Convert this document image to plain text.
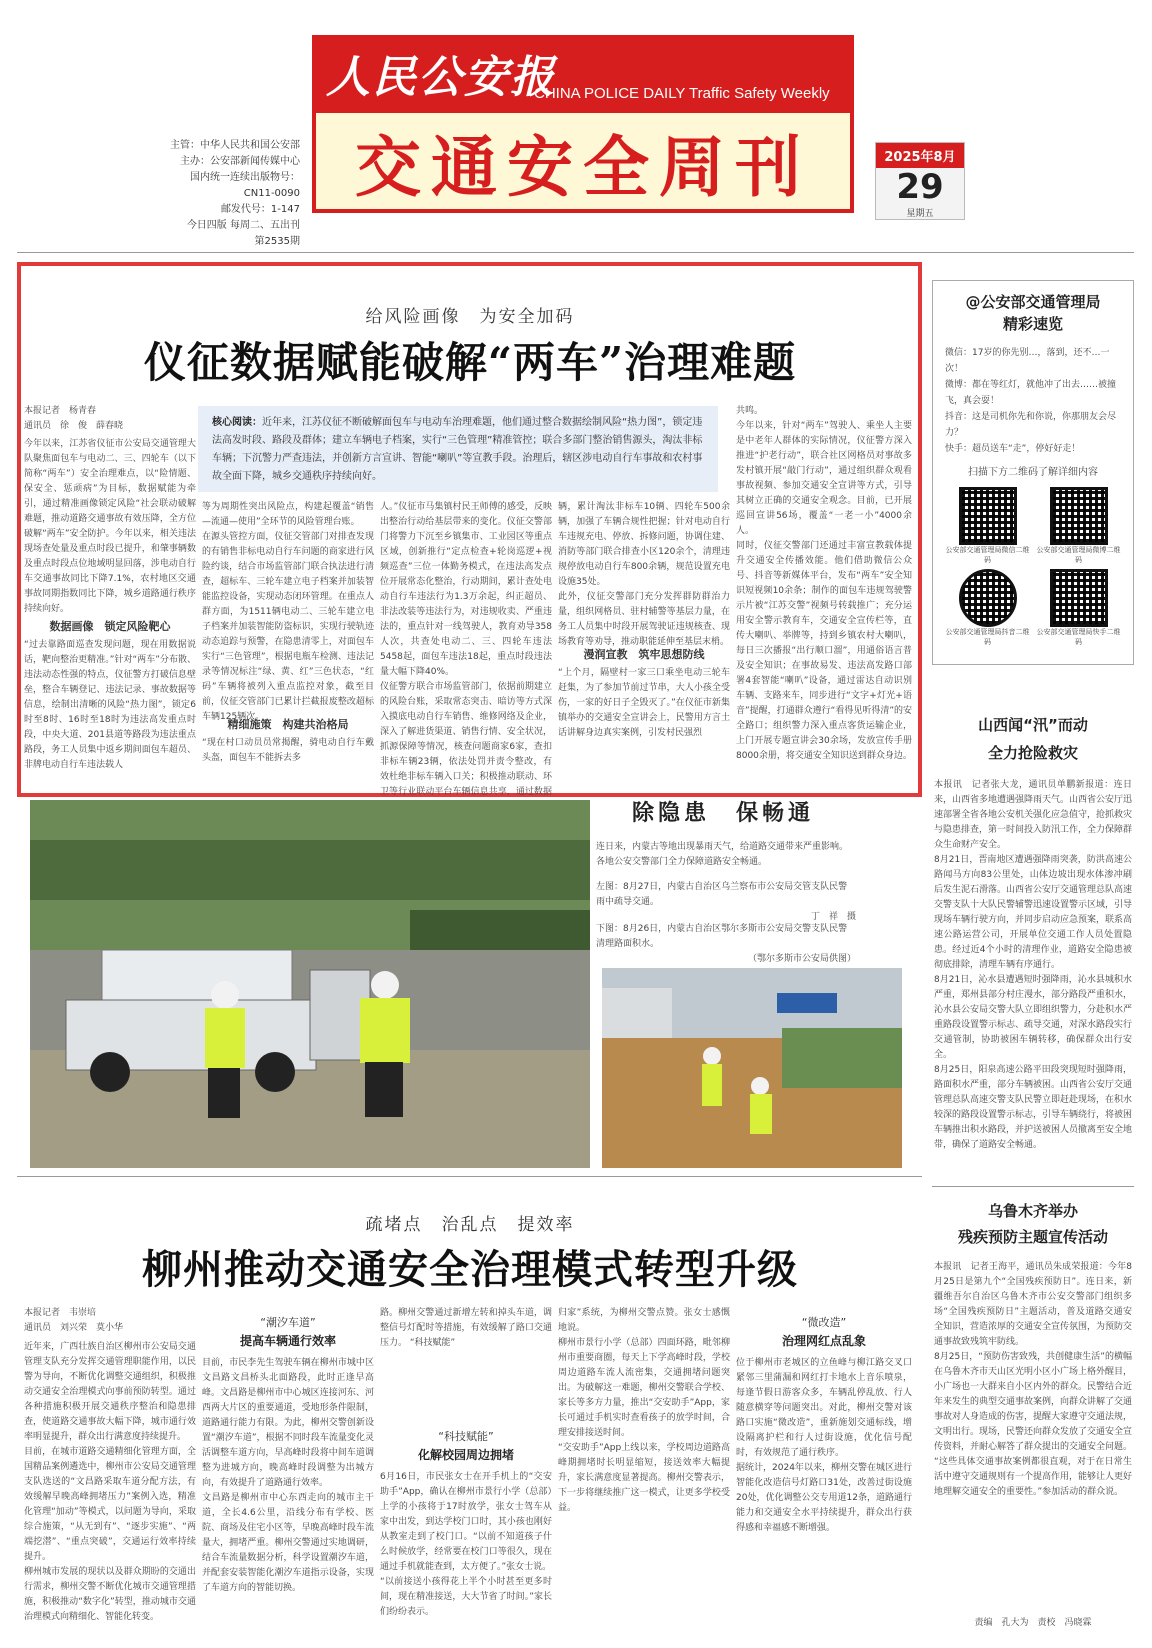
人民公安报
CHINA POLICE DAILY Traffic Safety Weekly
交通安全周刊
主管：中华人民共和国公安部
主办：公安部新闻传媒中心
国内统一连续出版物号：CN11-0090
邮发代号：1-147
今日四版 每周二、五出刊
第2535期
2025年8月
29
星期五
给风险画像　为安全加码
仪征数据赋能破解“两车”治理难题
本报记者　杨青春
通讯员　徐　俊　薛春晓	核心阅读：近年来，江苏仪征不断破解面包车与电动车治理难题，他们通过整合数据绘制风险“热力图”，锁定违法高发时段、路段及群体；建立车辆电子档案，实行“三色管理”精准管控；联合多部门整治销售源头，淘汰非标车辆；下沉警力严查违法，并创新方言宣讲、智能“喇叭”等宣教手段。治理后，辖区涉电动自行车事故和农村事故全面下降，城乡交通秩序持续向好。
今年以来，江苏省仪征市公安局交通管理大队聚焦面包车与电动二、三、四轮车（以下简称“两车”）安全治理难点，以“险情题、保安全、惩顽病”为目标，数据赋能为牵引，通过精准画像锁定风险“社会联动破解难题，推动道路交通事故有效压降，全方位破解“两车”安全防护。今年以来，相关违法现场查处量及重点时段已提升，和肇事辆数及重点时段点位地域明显回落，涉电动自行车交通事故同比下降7.1%，农村地区交通事故同期指数同比下降，城乡道路通行秩序持续向好。
数据画像　锁定风险靶心
“过去靠路面巡查发现问题，现在用数据说话，靶向整治更精准。”针对“两车”分布散、违法动态性强的特点，仪征警方打破信息壁垒，整合车辆登记、违法记录、事故数据等信息，绘制出清晰的风险“热力图”，锁定6时至8时、16时至18时为违法高发重点时段，中央大道、201县道等路段为违法重点路段，务工人员集中返乡期间面包车超员、非牌电动自行车违法载人
等为周期性突出风险点，构建起覆盖“销售—流通—使用”全环节的风险管理台账。
在源头管控方面，仪征交管部门对排查发现的有销售非标电动自行车问题的商家进行风险约谈，结合市场监管部门联合执法进行清查，超标车、三轮车建立电子档案并加装智能监控设备，实现动态闭环管理。在重点人群方面，为1511辆电动二、三轮车建立电子档案并加装智能防盗标识，实现行驶轨迹动态追踪与预警，在隐患清零上，对面包车实行“三色管理”，根据电瓶车检测、违法记录等情况标注“绿、黄、红”三色状态，“红码”车辆将被列入重点监控对象，截至目前，仪征交管部门已累计拦截报废整改超标车辆125辆次。
精细施策　构建共治格局
“现在村口动员员常揭醒，骑电动自行车戴头盔，面包车不能拆去多
人。”仪征市马集镇村民王师傅的感受，反映出整治行动给基层带来的变化。仪征交警部门将警力下沉至乡镇集市、工业园区等重点区域，创新推行“定点检查+轮岗巡逻+视频巡查”三位一体勤务模式，在违法高发点位开展常态化整治，行动期间，累计查处电动自行车违法行为1.3万余起，纠正超员、非法改装等违法行为，对违规收卖、严重违法的，重点针对一线驾驶人，教育劝导358人次，共查处电动二、三、四轮车违法5458起，面包车违法18起，重点时段违法量大幅下降40%。
仪征警方联合市场监管部门，依据前期建立的风险台账，采取常态突击、暗访等方式深入摸底电动自行车销售、维修网络及企业，深入了解进货渠道、销售行情、安全状况，抓源保障等情况，核查问题商家6家，查扣非标车辆23辆，依法处罚并责令整改，有效杜绝非标车辆入口关；积极推动联动、环卫等行业联动平台车辆信息共享，通过数据
辆，累计淘汰非标车10辆、四轮车500余辆，加强了车辆合规性把握；针对电动自行车违规充电、停放、拆修问题，协调住建、消防等部门联合排查小区120余个，清理违规停放电动自行车800余辆，规范设置充电设施35处。
此外，仪征交警部门充分发挥群防群治力量，组织网格员、驻村辅警等基层力量，在务工人员集中时段开展驾驶证违规核查、现场教育等劝导，推动职能延伸至基层末梢。
漫润宣教　筑牢思想防线
“上个月，隔壁村一家三口乘坐电动三轮车赶集，为了参加节前过节串，大人小孩全受伤，一家的好日子全毁灭了。”在仪征市新集镇举办的交通安全宣讲会上，民警用方言土话讲解身边真实案例，引发村民强烈
共鸣。
今年以来，针对“两车”驾驶人、乘坐人主要是中老年人群体的实际情况，仪征警方深入推进“护老行动”，联合社区网格员对事故多发村镇开展“敲门行动”，通过组织群众观看事故视频、参加交通安全宣讲等方式，引导其树立正确的交通安全观念。目前，已开展巡回宣讲56场，覆盖“一老一小”4000余人。
同时，仪征交警部门还通过丰富宣教载体提升交通安全传播效能。他们借助微信公众号、抖音等新媒体平台，发布“两车”安全知识短视频10余条；制作的面包车违规驾驶警示片被“江苏交警”视频号转载推广；充分运用安全警示教育车，交通安全宣传栏等，直传大喇叭、举牌等，持到乡镇农村大喇叭，每日三次播报“出行顺口溜”，用通俗语言普及安全知识；在事故易发、违法高发路口部署4套智能“喇叭”设备，通过雷达自动识别车辆、支路来车，同步进行“文字+灯光+语音”提醒，打通群众遵行“看得见听得清”的安全路口；组织警力深入重点客货运输企业，上门开展专题宣讲会30余场，发放宣传手册8000余册，将交通安全知识送到群众身边。
@公安部交通管理局
精彩速览
微信：17岁的你先别…，落到，还不…一次！
微博：都在等红灯，就他冲了出去……被撞飞，真会耍！
抖音：这是司机你先和你说，你那朋友会尽力？
快手：超员送车“走”，停好好走！
扫描下方二维码了解详细内容
公安部交通管理局微信二维码
公安部交通管理局微博二维码
公安部交通管理局抖音二维码
公安部交通管理局快手二维码
山西闻“汛”而动
全力抢险救灾
本报讯　记者张大龙，通讯员单鹏新报道：连日来，山西省多地遭遇强降雨天气。山西省公安厅迅速部署全省各地公安机关强化应急值守，抢抓救灾与隐患排查，第一时间投入防汛工作，全力保障群众生命财产安全。
8月21日，晋南地区遭遇强降雨突袭，防洪高速公路闻马方向83公里处，山体边坡出现水体渗冲刷后发生泥石滑落。山西省公安厅交通管理总队高速交警支队十大队民警辅警迅速设置警示区域，引导现场车辆行驶方向，并同步启动应急预案，联系高速公路运营公司，开展单位交通工作人员处置隐患。经过近4个小时的清理作业，道路安全隐患被彻底排除，清理车辆有序通行。
8月21日，沁水县遭遇短时强降雨，沁水县城积水严重，郑州县部分村庄漫水，部分路段严重积水，沁水县公安局交警大队立即组织警力，分赴积水严重路段设置警示标志、疏导交通，对深水路段实行交通管制，协助被困车辆转移，确保群众出行安全。
8月25日，阳泉高速公路平田段突现短时强降雨，路面积水严重，部分车辆被困。山西省公安厅交通管理总队高速交警支队民警立即赶赴现场，在积水较深的路段设置警示标志，引导车辆绕行，将被困车辆推出积水路段，并护送被困人员撤离至安全地带，确保了道路安全畅通。
除隐患　保畅通
连日来，内蒙古等地出现暴雨天气，给道路交通带来严重影响。各地公安交警部门全力保障道路安全畅通。
左图：8月27日，内蒙古自治区乌兰察布市公安局交管支队民警雨中疏导交通。
丁　祥　摄
下图：8月26日，内蒙古自治区鄂尔多斯市公安局交警支队民警清理路面积水。
（鄂尔多斯市公安局供图）
疏堵点　治乱点　提效率
柳州推动交通安全治理模式转型升级
本报记者　韦崇培
通讯员　刘兴荣　莫小华
近年来，广西壮族自治区柳州市公安局交通管理支队充分发挥交通管理职能作用，以民警为导向，不断优化调整交通组织，积极推动交通安全治理模式向事前预防转型。通过各种措施积极开展交通秩序整治和隐患排查，使道路交通事故大幅下降，城市通行效率明显提升，群众出行满意度持续提升。
目前，在城市道路交通精细化管理方面，全国精品案例遴选中，柳州市公安局交通管理支队选送的“文昌路采取车道分配方法，有效缓解早晚高峰拥堵压力”案例入选，精准化管理“加动”等模式，以问题为导向，采取综合施策，“从无到有”、“逐步实施”、“两端挖潜”、“重点突破”，交通运行效率持续提升。
柳州城市发展的现状以及群众期盼的交通出行需求，柳州交警不断优化城市交通管理措施，积极推动“数字化”转型，推动城市交通治理模式向精细化、智能化转变。
“潮汐车道”
提高车辆通行效率
目前，市民李先生驾驶车辆在柳州市城中区文昌路文昌桥头北面路段，此时正逢早高峰。文昌路是柳州市中心城区连接河东、河西两大片区的重要通道，受地形条件限制，道路通行能力有限。为此，柳州交警创新设置“潮汐车道”，根据不同时段车流量变化灵活调整车道方向，早高峰时段将中间车道调整为进城方向，晚高峰时段调整为出城方向，有效提升了道路通行效率。
文昌路是柳州市中心东西走向的城市主干道，全长4.6公里，沿线分布有学校、医院、商场及住宅小区等，早晚高峰时段车流量大，拥堵严重。柳州交警通过实地调研，结合车流量数据分析，科学设置潮汐车道，并配套安装智能化潮汐车道指示设备，实现了车道方向的智能切换。
路。柳州交警通过新增左转和掉头车道，调整信号灯配时等措施，有效缓解了路口交通压力。 “科技赋能”
“科技赋能”
化解校园周边拥堵
6月16日，市民张女士在开手机上的“交安助手”App，确认在柳州市景行小学（总部）上学的小孩将于17时放学，张女士驾车从家中出发，到达学校门口时，其小孩也刚好从教室走到了校门口。“以前不知道孩子什么时候放学，经常要在校门口等很久，现在通过手机就能查到，太方便了。”张女士说。
“以前接送小孩得花上半个小时甚至更多时间，现在精准接送，大大节省了时间。”家长们纷纷表示。
归家”系统，为柳州交警点赞。张女士感慨地说。
柳州市景行小学（总部）四面环路，毗邻柳州市重要商圈，每天上下学高峰时段，学校周边道路车流人流密集，交通拥堵问题突出。为破解这一难题，柳州交警联合学校、家长等多方力量，推出“交安助手”App，家长可通过手机实时查看孩子的放学时间，合理安排接送时间。
“交安助手”App上线以来，学校周边道路高峰期拥堵时长明显缩短，接送效率大幅提升，家长满意度显著提高。柳州交警表示，下一步将继续推广这一模式，让更多学校受益。
“微改造”
治理网红点乱象
位于柳州市老城区的立鱼峰与柳江路交叉口紧邻三里蒲漏和网红打卡地水上音乐喷泉，每逢节假日游客众多，车辆乱停乱放、行人随意横穿等问题突出。对此，柳州交警对该路口实施“微改造”，重新施划交通标线，增设隔离护栏和行人过街设施，优化信号配时，有效规范了通行秩序。
据统计，2024年以来，柳州交警在城区进行智能化改造信号灯路口31处，改善过街设施20处，优化调整公交专用道12条，道路通行能力和交通安全水平持续提升，群众出行获得感和幸福感不断增强。
乌鲁木齐举办
残疾预防主题宣传活动
本报讯　记者王海平，通讯员朱成荣报道：今年8月25日是第九个“全国残疾预防日”。连日来，新疆维吾尔自治区乌鲁木齐市公安交警部门组织多场“全国残疾预防日”主题活动，普及道路交通安全知识，营造浓厚的交通安全宣传氛围，为预防交通事故致残筑牢防线。
8月25日，“预防伤害致残，共创健康生活”的横幅在乌鲁木齐市天山区光明小区小广场上格外醒目，小广场也一大群来自小区内外的群众。民警结合近年来发生的典型交通事故案例，向群众讲解了交通事故对人身造成的伤害，提醒大家遵守交通法规，文明出行。现场，民警还向群众发放了交通安全宣传资料，并耐心解答了群众提出的交通安全问题。
“这些具体交通事故案例都很直观，对于在日常生活中遵守交通规则有一个提高作用，能够让人更好地理解交通安全的重要性。”参加活动的群众说。
责编　孔大为　责校　冯晓霖
